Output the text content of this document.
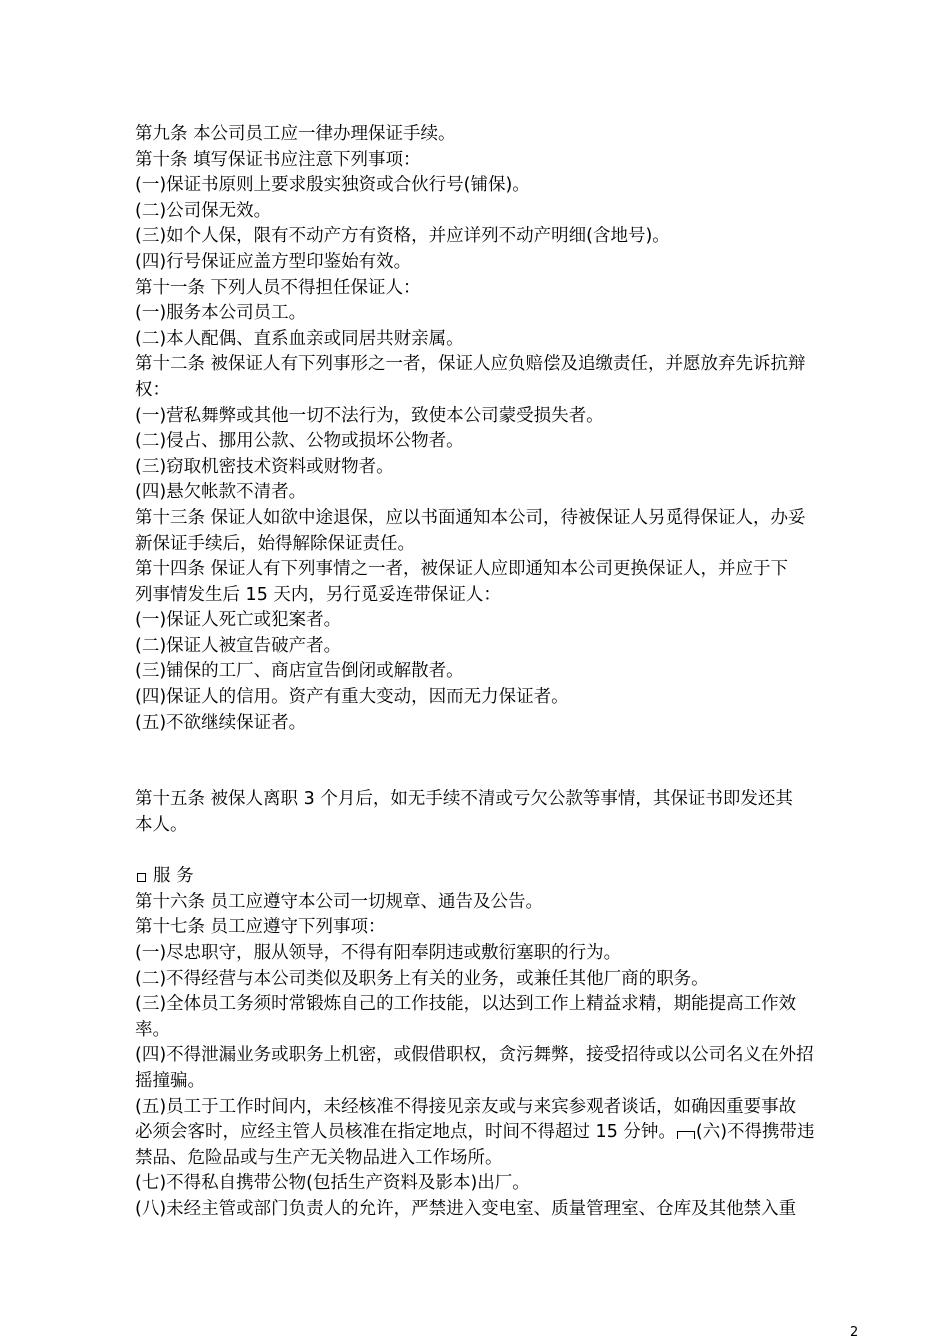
第九条 本公司员工应一律办理保证手续。
第十条 填写保证书应注意下列事项：
(一)保证书原则上要求殷实独资或合伙行号(铺保)。
(二)公司保无效。
(三)如个人保，限有不动产方有资格，并应详列不动产明细(含地号)。
(四)行号保证应盖方型印鉴始有效。
第十一条 下列人员不得担任保证人：
(一)服务本公司员工。
(二)本人配偶、直系血亲或同居共财亲属。
第十二条 被保证人有下列事形之一者，保证人应负赔偿及追缴责任，并愿放弃先诉抗辩
权：
(一)营私舞弊或其他一切不法行为，致使本公司蒙受损失者。
(二)侵占、挪用公款、公物或损坏公物者。
(三)窃取机密技术资料或财物者。
(四)悬欠帐款不清者。
第十三条 保证人如欲中途退保，应以书面通知本公司，待被保证人另觅得保证人，办妥
新保证手续后，始得解除保证责任。
第十四条 保证人有下列事情之一者，被保证人应即通知本公司更换保证人，并应于下
列事情发生后 15 天内，另行觅妥连带保证人：
(一)保证人死亡或犯案者。
(二)保证人被宣告破产者。
(三)铺保的工厂、商店宣告倒闭或解散者。
(四)保证人的信用。资产有重大变动，因而无力保证者。
(五)不欲继续保证者。
第十五条 被保人离职 3 个月后，如无手续不清或亏欠公款等事情，其保证书即发还其
本人。
服 务
第十六条 员工应遵守本公司一切规章、通告及公告。
第十七条 员工应遵守下列事项：
(一)尽忠职守，服从领导，不得有阳奉阴违或敷衍塞职的行为。
(二)不得经营与本公司类似及职务上有关的业务，或兼任其他厂商的职务。
(三)全体员工务须时常锻炼自己的工作技能，以达到工作上精益求精，期能提高工作效
率。
(四)不得泄漏业务或职务上机密，或假借职权，贪污舞弊，接受招待或以公司名义在外招
摇撞骗。
(五)员工于工作时间内，未经核准不得接见亲友或与来宾参观者谈话，如确因重要事故
必须会客时，应经主管人员核准在指定地点，时间不得超过 15 分钟。 (六)不得携带违
禁品、危险品或与生产无关物品进入工作场所。
(七)不得私自携带公物(包括生产资料及影本)出厂。
(八)未经主管或部门负责人的允许，严禁进入变电室、质量管理室、仓库及其他禁入重
2
